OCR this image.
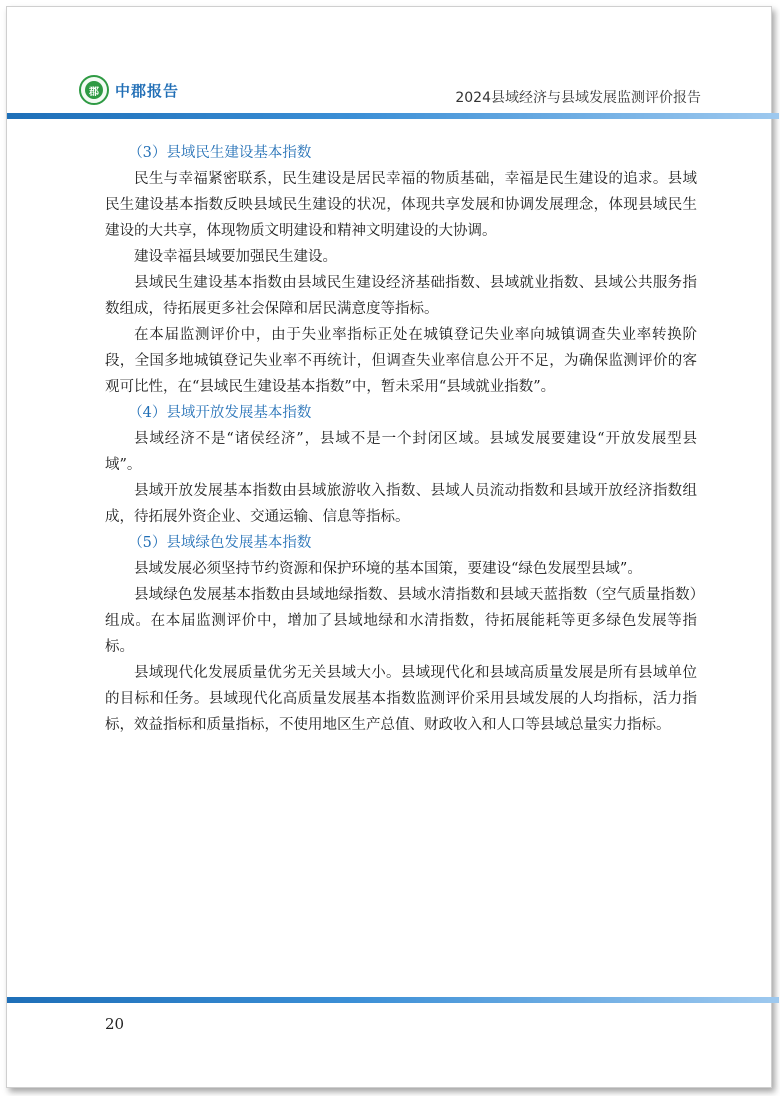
郡 中郡报告	2024县域经济与县域发展监测评价报告

（3）县域民生建设基本指数

民生与幸福紧密联系，民生建设是居民幸福的物质基础，幸福是民生建设的追求。县域民生建设基本指数反映县域民生建设的状况，体现共享发展和协调发展理念，体现县域民生建设的大共享，体现物质文明建设和精神文明建设的大协调。

建设幸福县域要加强民生建设。

县域民生建设基本指数由县域民生建设经济基础指数、县域就业指数、县域公共服务指数组成，待拓展更多社会保障和居民满意度等指标。

在本届监测评价中，由于失业率指标正处在城镇登记失业率向城镇调查失业率转换阶段，全国多地城镇登记失业率不再统计，但调查失业率信息公开不足，为确保监测评价的客观可比性，在“县域民生建设基本指数”中，暂未采用“县域就业指数”。

（4）县域开放发展基本指数

县域经济不是“诸侯经济”，县域不是一个封闭区域。县域发展要建设“开放发展型县域”。

县域开放发展基本指数由县域旅游收入指数、县域人员流动指数和县域开放经济指数组成，待拓展外资企业、交通运输、信息等指标。

（5）县域绿色发展基本指数

县域发展必须坚持节约资源和保护环境的基本国策，要建设“绿色发展型县域”。

县域绿色发展基本指数由县域地绿指数、县域水清指数和县域天蓝指数（空气质量指数）组成。在本届监测评价中，增加了县域地绿和水清指数，待拓展能耗等更多绿色发展等指标。

县域现代化发展质量优劣无关县域大小。县域现代化和县域高质量发展是所有县域单位的目标和任务。县域现代化高质量发展基本指数监测评价采用县域发展的人均指标，活力指标，效益指标和质量指标，不使用地区生产总值、财政收入和人口等县域总量实力指标。

20
